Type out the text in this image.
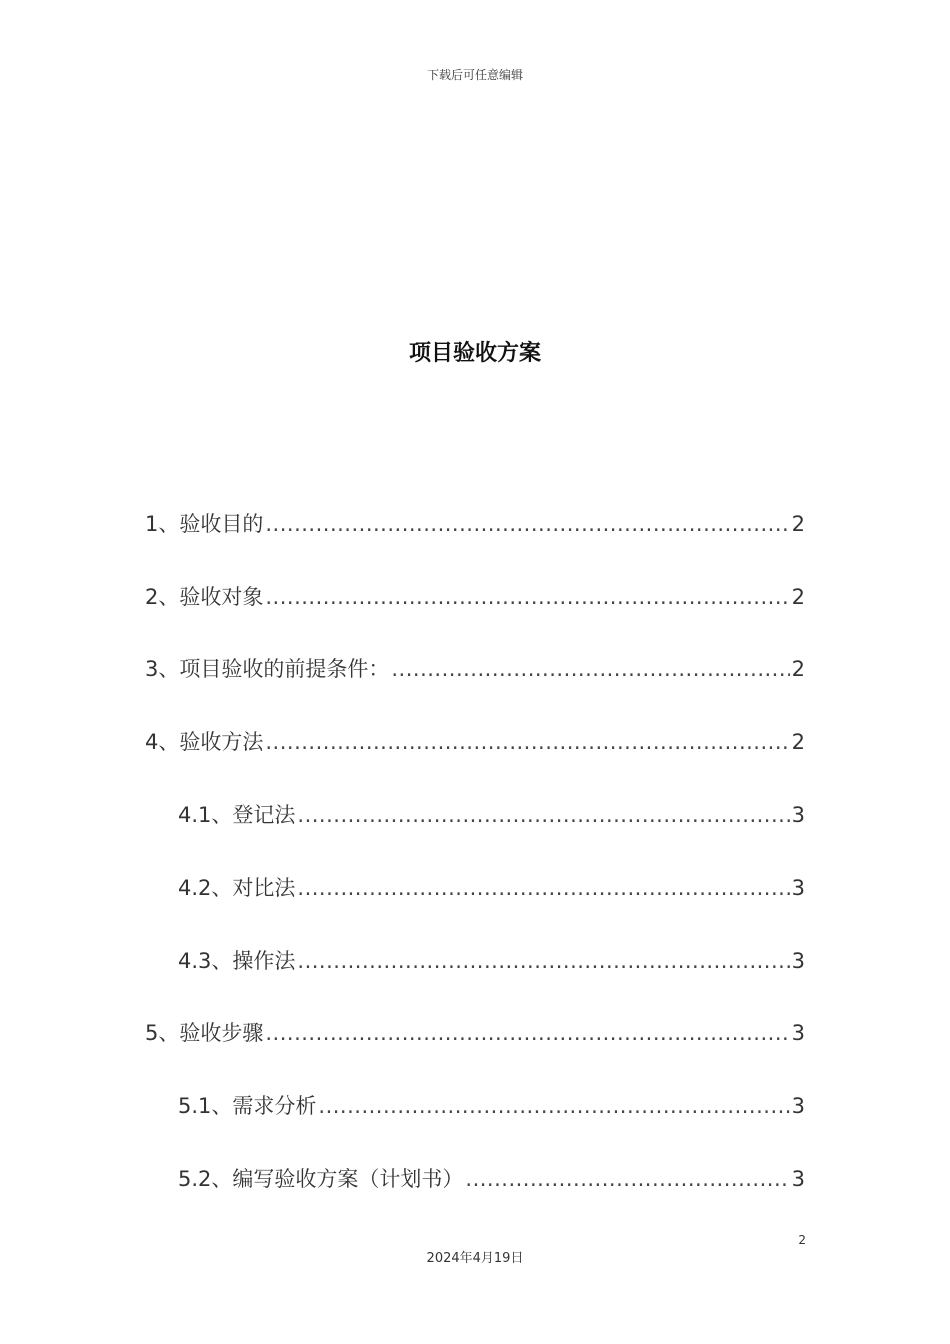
下载后可任意编辑
项目验收方案
1、验收目的 .....	2
2、验收对象 .....	2
3、项目验收的前提条件： .....	2
4、验收方法 .....	2
4.1、登记法 .....	3
4.2、对比法 .....	3
4.3、操作法 .....	3
5、验收步骤 .....	3
5.1、需求分析 .....	3
5.2、编写验收方案（计划书） .....	3
2
2024年4月19日
